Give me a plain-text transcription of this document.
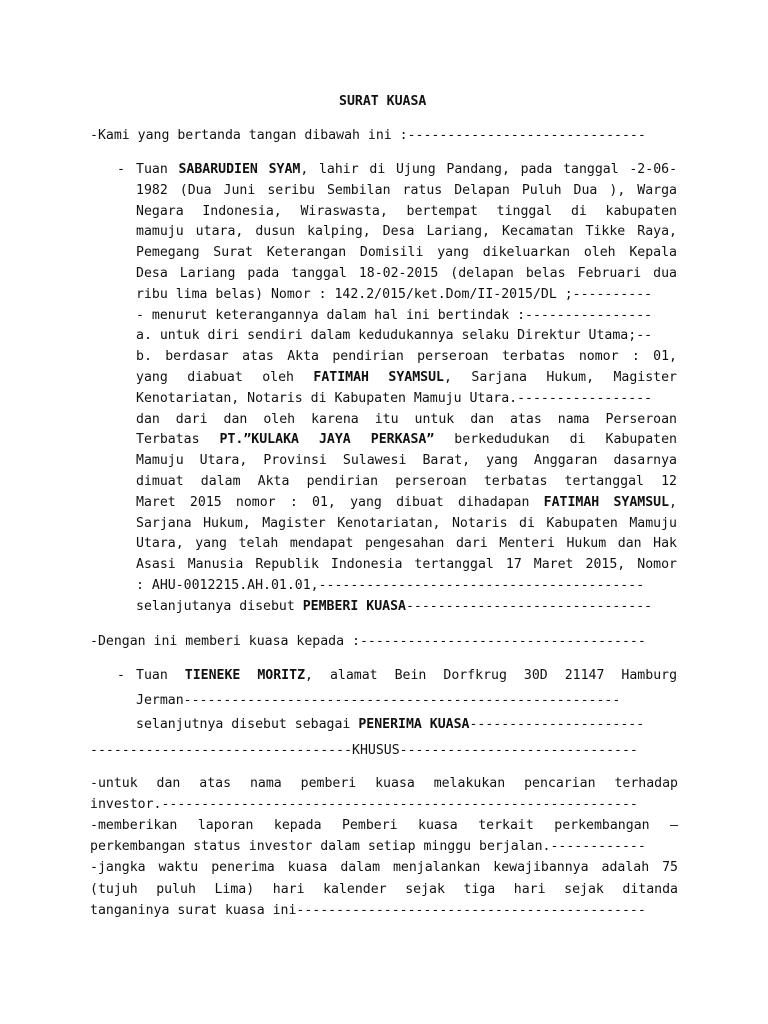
SURAT KUASA
-Kami yang bertanda tangan dibawah ini :------------------------------
- Tuan SABARUDIEN SYAM, lahir di Ujung Pandang, pada tanggal -2-06-
1982 (Dua Juni seribu Sembilan ratus Delapan Puluh Dua ), Warga
Negara Indonesia, Wiraswasta, bertempat tinggal di kabupaten
mamuju utara, dusun kalping, Desa Lariang, Kecamatan Tikke Raya,
Pemegang Surat Keterangan Domisili yang dikeluarkan oleh Kepala
Desa Lariang pada tanggal 18-02-2015 (delapan belas Februari dua
ribu lima belas) Nomor : 142.2/015/ket.Dom/II-2015/DL ;----------
- menurut keterangannya dalam hal ini bertindak :----------------
a. untuk diri sendiri dalam kedudukannya selaku Direktur Utama;--
b. berdasar atas Akta pendirian perseroan terbatas nomor : 01,
yang diabuat oleh FATIMAH SYAMSUL, Sarjana Hukum, Magister
Kenotariatan, Notaris di Kabupaten Mamuju Utara.-----------------
dan dari dan oleh karena itu untuk dan atas nama Perseroan
Terbatas PT.”KULAKA JAYA PERKASA” berkedudukan di Kabupaten
Mamuju Utara, Provinsi Sulawesi Barat, yang Anggaran dasarnya
dimuat dalam Akta pendirian perseroan terbatas tertanggal 12
Maret 2015 nomor : 01, yang dibuat dihadapan FATIMAH SYAMSUL,
Sarjana Hukum, Magister Kenotariatan, Notaris di Kabupaten Mamuju
Utara, yang telah mendapat pengesahan dari Menteri Hukum dan Hak
Asasi Manusia Republik Indonesia tertanggal 17 Maret 2015, Nomor
: AHU-0012215.AH.01.01,-----------------------------------------
selanjutanya disebut PEMBERI KUASA-------------------------------
-Dengan ini memberi kuasa kepada :------------------------------------
- Tuan TIENEKE MORITZ, alamat Bein Dorfkrug 30D 21147 Hamburg
Jerman-------------------------------------------------------
selanjutnya disebut sebagai PENERIMA KUASA----------------------
---------------------------------KHUSUS------------------------------
-untuk dan atas nama pemberi kuasa melakukan pencarian terhadap
investor.------------------------------------------------------------
-memberikan laporan kepada Pemberi kuasa terkait perkembangan –
perkembangan status investor dalam setiap minggu berjalan.------------
-jangka waktu penerima kuasa dalam menjalankan kewajibannya adalah 75
(tujuh puluh Lima) hari kalender sejak tiga hari sejak ditanda
tanganinya surat kuasa ini--------------------------------------------
